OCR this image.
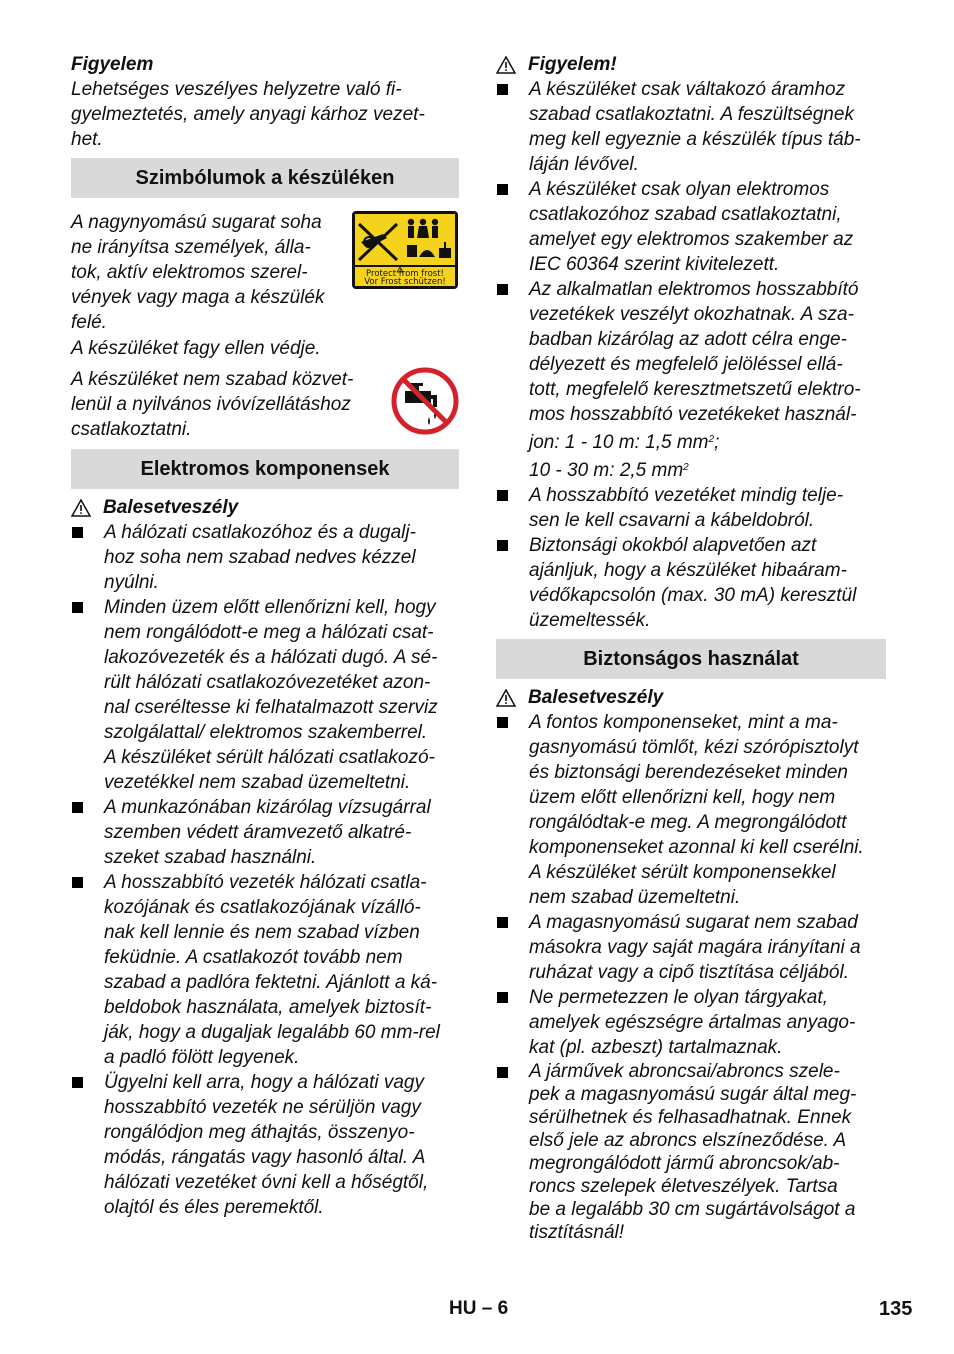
Figyelem

Lehetséges veszélyes helyzetre való fi-

gyelmeztetés, amely anyagi kárhoz vezet-

het.

Szimbólumok a készüléken

A nagynyomású sugarat soha

ne irányítsa személyek, álla-

tok, aktív elektromos szerel-

vények vagy maga a készülék

felé.

A készüléket fagy ellen védje.

Protect from frost!
Vor Frost schützen!

A készüléket nem szabad közvet-

lenül a nyilvános ivóvízellátáshoz

csatlakoztatni.

Elektromos komponensek
Balesetveszély

A hálózati csatlakozóhoz és a dugalj-

hoz soha nem szabad nedves kézzel

nyúlni.

Minden üzem előtt ellenőrizni kell, hogy

nem rongálódott-e meg a hálózati csat-

lakozóvezeték és a hálózati dugó. A sé-

rült hálózati csatlakozóvezetéket azon-

nal cseréltesse ki felhatalmazott szerviz

szolgálattal/ elektromos szakemberrel.

A készüléket sérült hálózati csatlakozó-

vezetékkel nem szabad üzemeltetni.

A munkazónában kizárólag vízsugárral

szemben védett áramvezető alkatré-

szeket szabad használni.

A hosszabbító vezeték hálózati csatla-

kozójának és csatlakozójának vízálló-

nak kell lennie és nem szabad vízben

feküdnie. A csatlakozót tovább nem

szabad a padlóra fektetni. Ajánlott a ká-

beldobok használata, amelyek biztosít-

ják, hogy a dugaljak legalább 60 mm-rel

a padló fölött legyenek.

Ügyelni kell arra, hogy a hálózati vagy

hosszabbító vezeték ne sérüljön vagy

rongálódjon meg áthajtás, összenyo-

módás, rángatás vagy hasonló által. A

hálózati vezetéket óvni kell a hőségtől,

olajtól és éles peremektől.

Figyelem!

A készüléket csak váltakozó áramhoz

szabad csatlakoztatni. A feszültségnek

meg kell egyeznie a készülék típus táb-

láján lévővel.

A készüléket csak olyan elektromos

csatlakozóhoz szabad csatlakoztatni,

amelyet egy elektromos szakember az

IEC 60364 szerint kivitelezett.

Az alkalmatlan elektromos hosszabbító

vezetékek veszélyt okozhatnak. A sza-

badban kizárólag az adott célra enge-

délyezett és megfelelő jelöléssel ellá-

tott, megfelelő keresztmetszetű elektro-

mos hosszabbító vezetékeket használ-

jon: 1 - 10 m: 1,5 $mm^2$;

10 - 30 m: 2,5 $mm^2$

A hosszabbító vezetéket mindig telje-

sen le kell csavarni a kábeldobról.

Biztonsági okokból alapvetően azt

ajánljuk, hogy a készüléket hibaáram-

védőkapcsolón (max. 30 mA) keresztül

üzemeltessék.

Biztonságos használat
Balesetveszély

A fontos komponenseket, mint a ma-

gasnyomású tömlőt, kézi szórópisztolyt

és biztonsági berendezéseket minden

üzem előtt ellenőrizni kell, hogy nem

rongálódtak-e meg. A megrongálódott

komponenseket azonnal ki kell cserélni.

A készüléket sérült komponensekkel

nem szabad üzemeltetni.

A magasnyomású sugarat nem szabad

másokra vagy saját magára irányítani a

ruházat vagy a cipő tisztítása céljából.

Ne permetezzen le olyan tárgyakat,

amelyek egészségre ártalmas anyago-

kat (pl. azbeszt) tartalmaznak.

A járművek abroncsai/abroncs szele-

pek a magasnyomású sugár által meg-

sérülhetnek és felhasadhatnak. Ennek

első jele az abroncs elszíneződése. A

megrongálódott jármű abroncsok/ab-

roncs szelepek életveszélyek. Tartsa

be a legalább 30 cm sugártávolságot a

tisztításnál!

HU – 6	135
